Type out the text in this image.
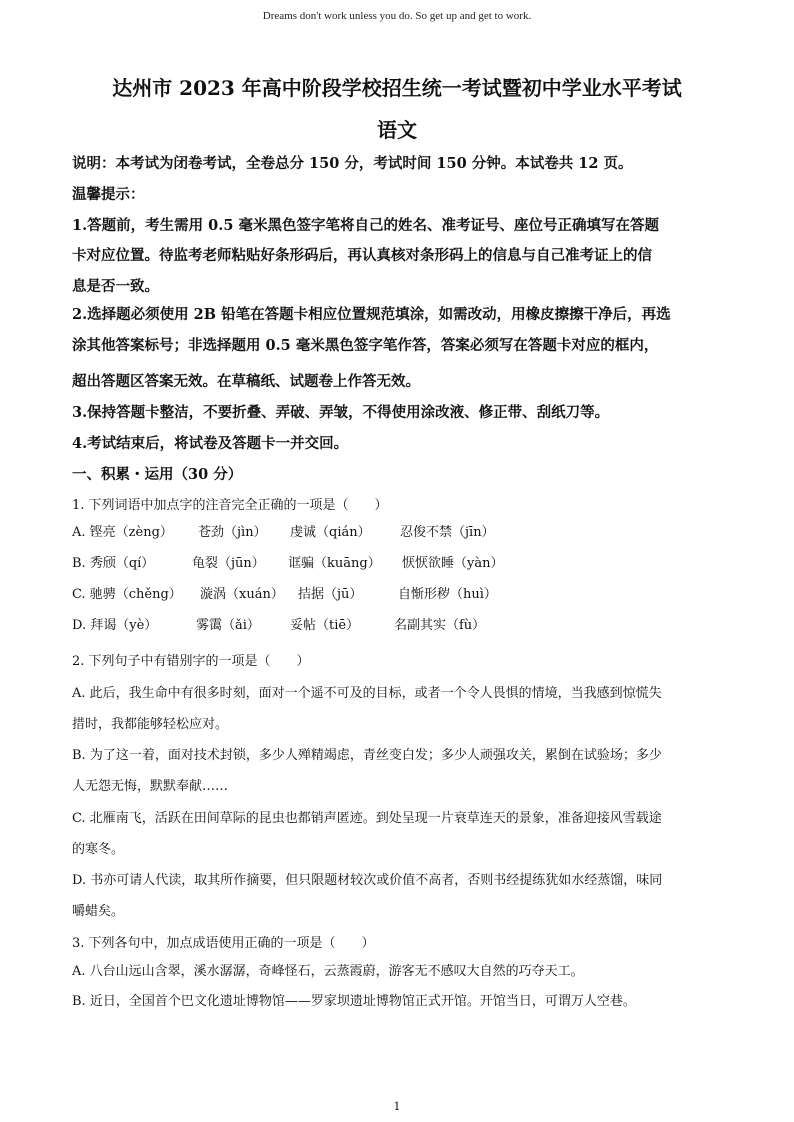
Dreams don't work unless you do. So get up and get to work.
达州市 2023 年高中阶段学校招生统一考试暨初中学业水平考试
语文
说明：本考试为闭卷考试，全卷总分 150 分，考试时间 150 分钟。本试卷共 12 页。
温馨提示：
1.答题前，考生需用 0.5 毫米黑色签字笔将自己的姓名、准考证号、座位号正确填写在答题
卡对应位置。待监考老师粘贴好条形码后，再认真核对条形码上的信息与自己准考证上的信
息是否一致。
2.选择题必须使用 2B 铅笔在答题卡相应位置规范填涂，如需改动，用橡皮擦擦干净后，再选
涂其他答案标号；非选择题用 0.5 毫米黑色签字笔作答，答案必须写在答题卡对应的框内，
超出答题区答案无效。在草稿纸、试题卷上作答无效。
3.保持答题卡整洁，不要折叠、弄破、弄皱，不得使用涂改液、修正带、刮纸刀等。
4.考试结束后，将试卷及答题卡一并交回。
一、积累・运用（30 分）
1. 下列词语中加点字的注音完全正确的一项是（　　）
A. 铿亮（zèng） 苍劲（jìn） 虔诚（qián） 忍俊不禁（jīn）
B. 秀颀（qí）	龟裂（jūn） 诓骗（kuāng） 恹恹欲睡（yàn）
C. 驰骋（chěng） 漩涡（xuán） 拮据（jū）	自惭形秽（huì）
D. 拜谒（yè）	雾霭（ǎi） 妥帖（tiē）	名副其实（fù）
2. 下列句子中有错别字的一项是（　　）
A. 此后，我生命中有很多时刻，面对一个遥不可及的目标，或者一个令人畏惧的情境，当我感到惊慌失
措时，我都能够轻松应对。
B. 为了这一着，面对技术封锁，多少人殚精竭虑，青丝变白发；多少人顽强攻关，累倒在试验场；多少
人无怨无悔，默默奉献……
C. 北雁南飞，活跃在田间草际的昆虫也都销声匿迹。到处呈现一片衰草连天的景象，准备迎接风雪载途
的寒冬。
D. 书亦可请人代读，取其所作摘要，但只限题材较次或价值不高者，否则书经提练犹如水经蒸馏，味同
嚼蜡矣。
3. 下列各句中，加点成语使用正确的一项是（　　）
A. 八台山远山含翠，溪水潺潺，奇峰怪石，云蒸霞蔚，游客无不感叹大自然的巧夺天工。
B. 近日，全国首个巴文化遗址博物馆——罗家坝遗址博物馆正式开馆。开馆当日，可谓万人空巷。
1
